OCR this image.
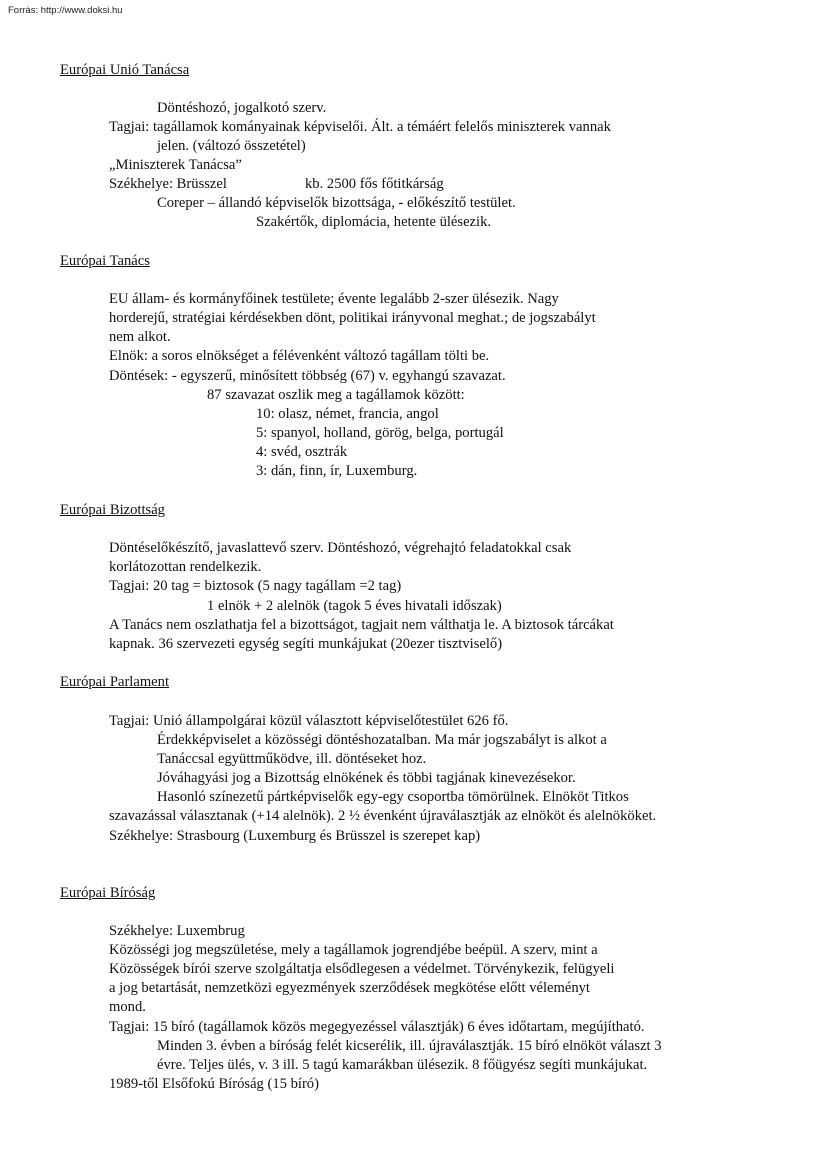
Forrás: http://www.doksi.hu
Európai Unió Tanácsa
Döntéshozó, jogalkotó szerv.
Tagjai: tagállamok kományainak képviselői. Ált. a témáért felelős miniszterek vannak
jelen. (változó összetétel)
„Miniszterek Tanácsa”
Székhelye: Brüsszel	kb. 2500 fős főtitkárság
Coreper – állandó képviselők bizottsága, - előkészítő testület.
Szakértők, diplomácia, hetente ülésezik.
Európai Tanács
EU állam- és kormányfőinek testülete; évente legalább 2-szer ülésezik. Nagy
horderejű, stratégiai kérdésekben dönt, politikai irányvonal meghat.; de jogszabályt
nem alkot.
Elnök: a soros elnökséget a félévenként változó tagállam tölti be.
Döntések: - egyszerű, minősített többség (67) v. egyhangú szavazat.
87 szavazat oszlik meg a tagállamok között:
10: olasz, német, francia, angol
5: spanyol, holland, görög, belga, portugál
4: svéd, osztrák
3: dán, finn, ír, Luxemburg.
Európai Bizottság
Döntéselőkészítő, javaslattevő szerv. Döntéshozó, végrehajtó feladatokkal csak
korlátozottan rendelkezik.
Tagjai: 20 tag = biztosok (5 nagy tagállam =2 tag)
1 elnök + 2 alelnök (tagok 5 éves hivatali időszak)
A Tanács nem oszlathatja fel a bizottságot, tagjait nem válthatja le. A biztosok tárcákat
kapnak. 36 szervezeti egység segíti munkájukat (20ezer tisztviselő)
Európai Parlament
Tagjai: Unió állampolgárai közül választott képviselőtestület 626 fő.
Érdekképviselet a közösségi döntéshozatalban. Ma már jogszabályt is alkot a
Tanáccsal együttműködve, ill. döntéseket hoz.
Jóváhagyási jog a Bizottság elnökének és többi tagjának kinevezésekor.
Hasonló színezetű pártképviselők egy-egy csoportba tömörülnek. Elnököt Titkos
szavazással választanak (+14 alelnök). 2 ½ évenként újraválasztják az elnököt és alelnököket.
Székhelye: Strasbourg (Luxemburg és Brüsszel is szerepet kap)
Európai Bíróság
Székhelye: Luxembrug
Közösségi jog megszületése, mely a tagállamok jogrendjébe beépül. A szerv, mint a
Közösségek bírói szerve szolgáltatja elsődlegesen a védelmet. Törvénykezik, felügyeli
a jog betartását, nemzetközi egyezmények szerződések megkötése előtt véleményt
mond.
Tagjai: 15 bíró (tagállamok közös megegyezéssel választják) 6 éves időtartam, megújítható.
Minden 3. évben a bíróság felét kicserélik, ill. újraválasztják. 15 bíró elnököt választ 3
évre. Teljes ülés, v. 3 ill. 5 tagú kamarákban ülésezik. 8 főügyész segíti munkájukat.
1989-től Elsőfokú Bíróság (15 bíró)
